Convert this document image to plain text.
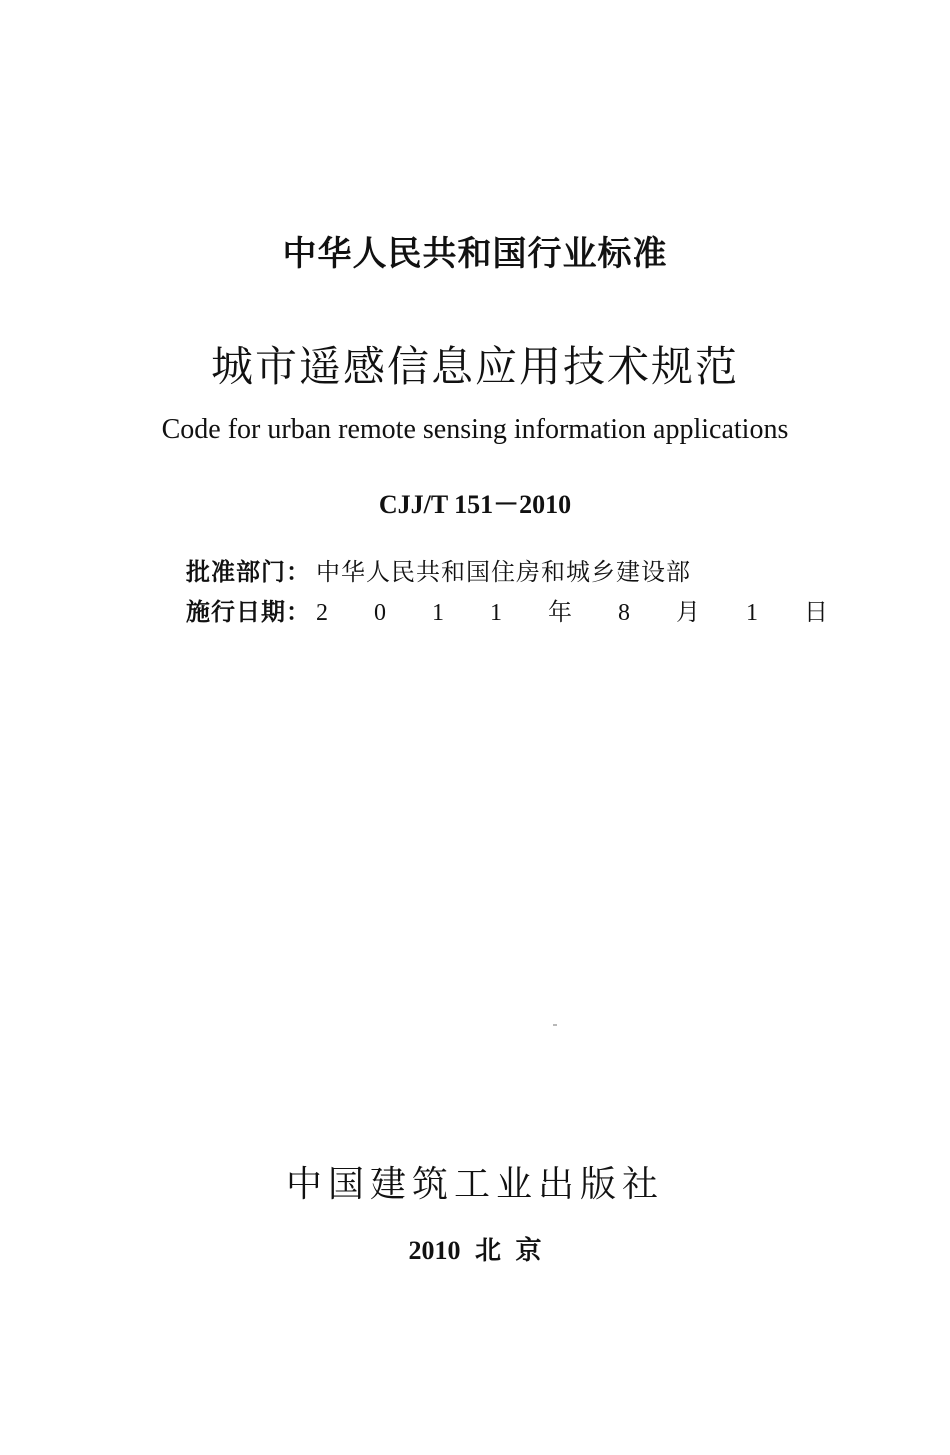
中华人民共和国行业标准
城市遥感信息应用技术规范
Code for urban remote sensing information applications
CJJ/T 151－2010
批准部门： 中华人民共和国住房和城乡建设部
施行日期： 2 0 1 1 年 8 月 1 日
中国建筑工业出版社
2010 北 京
